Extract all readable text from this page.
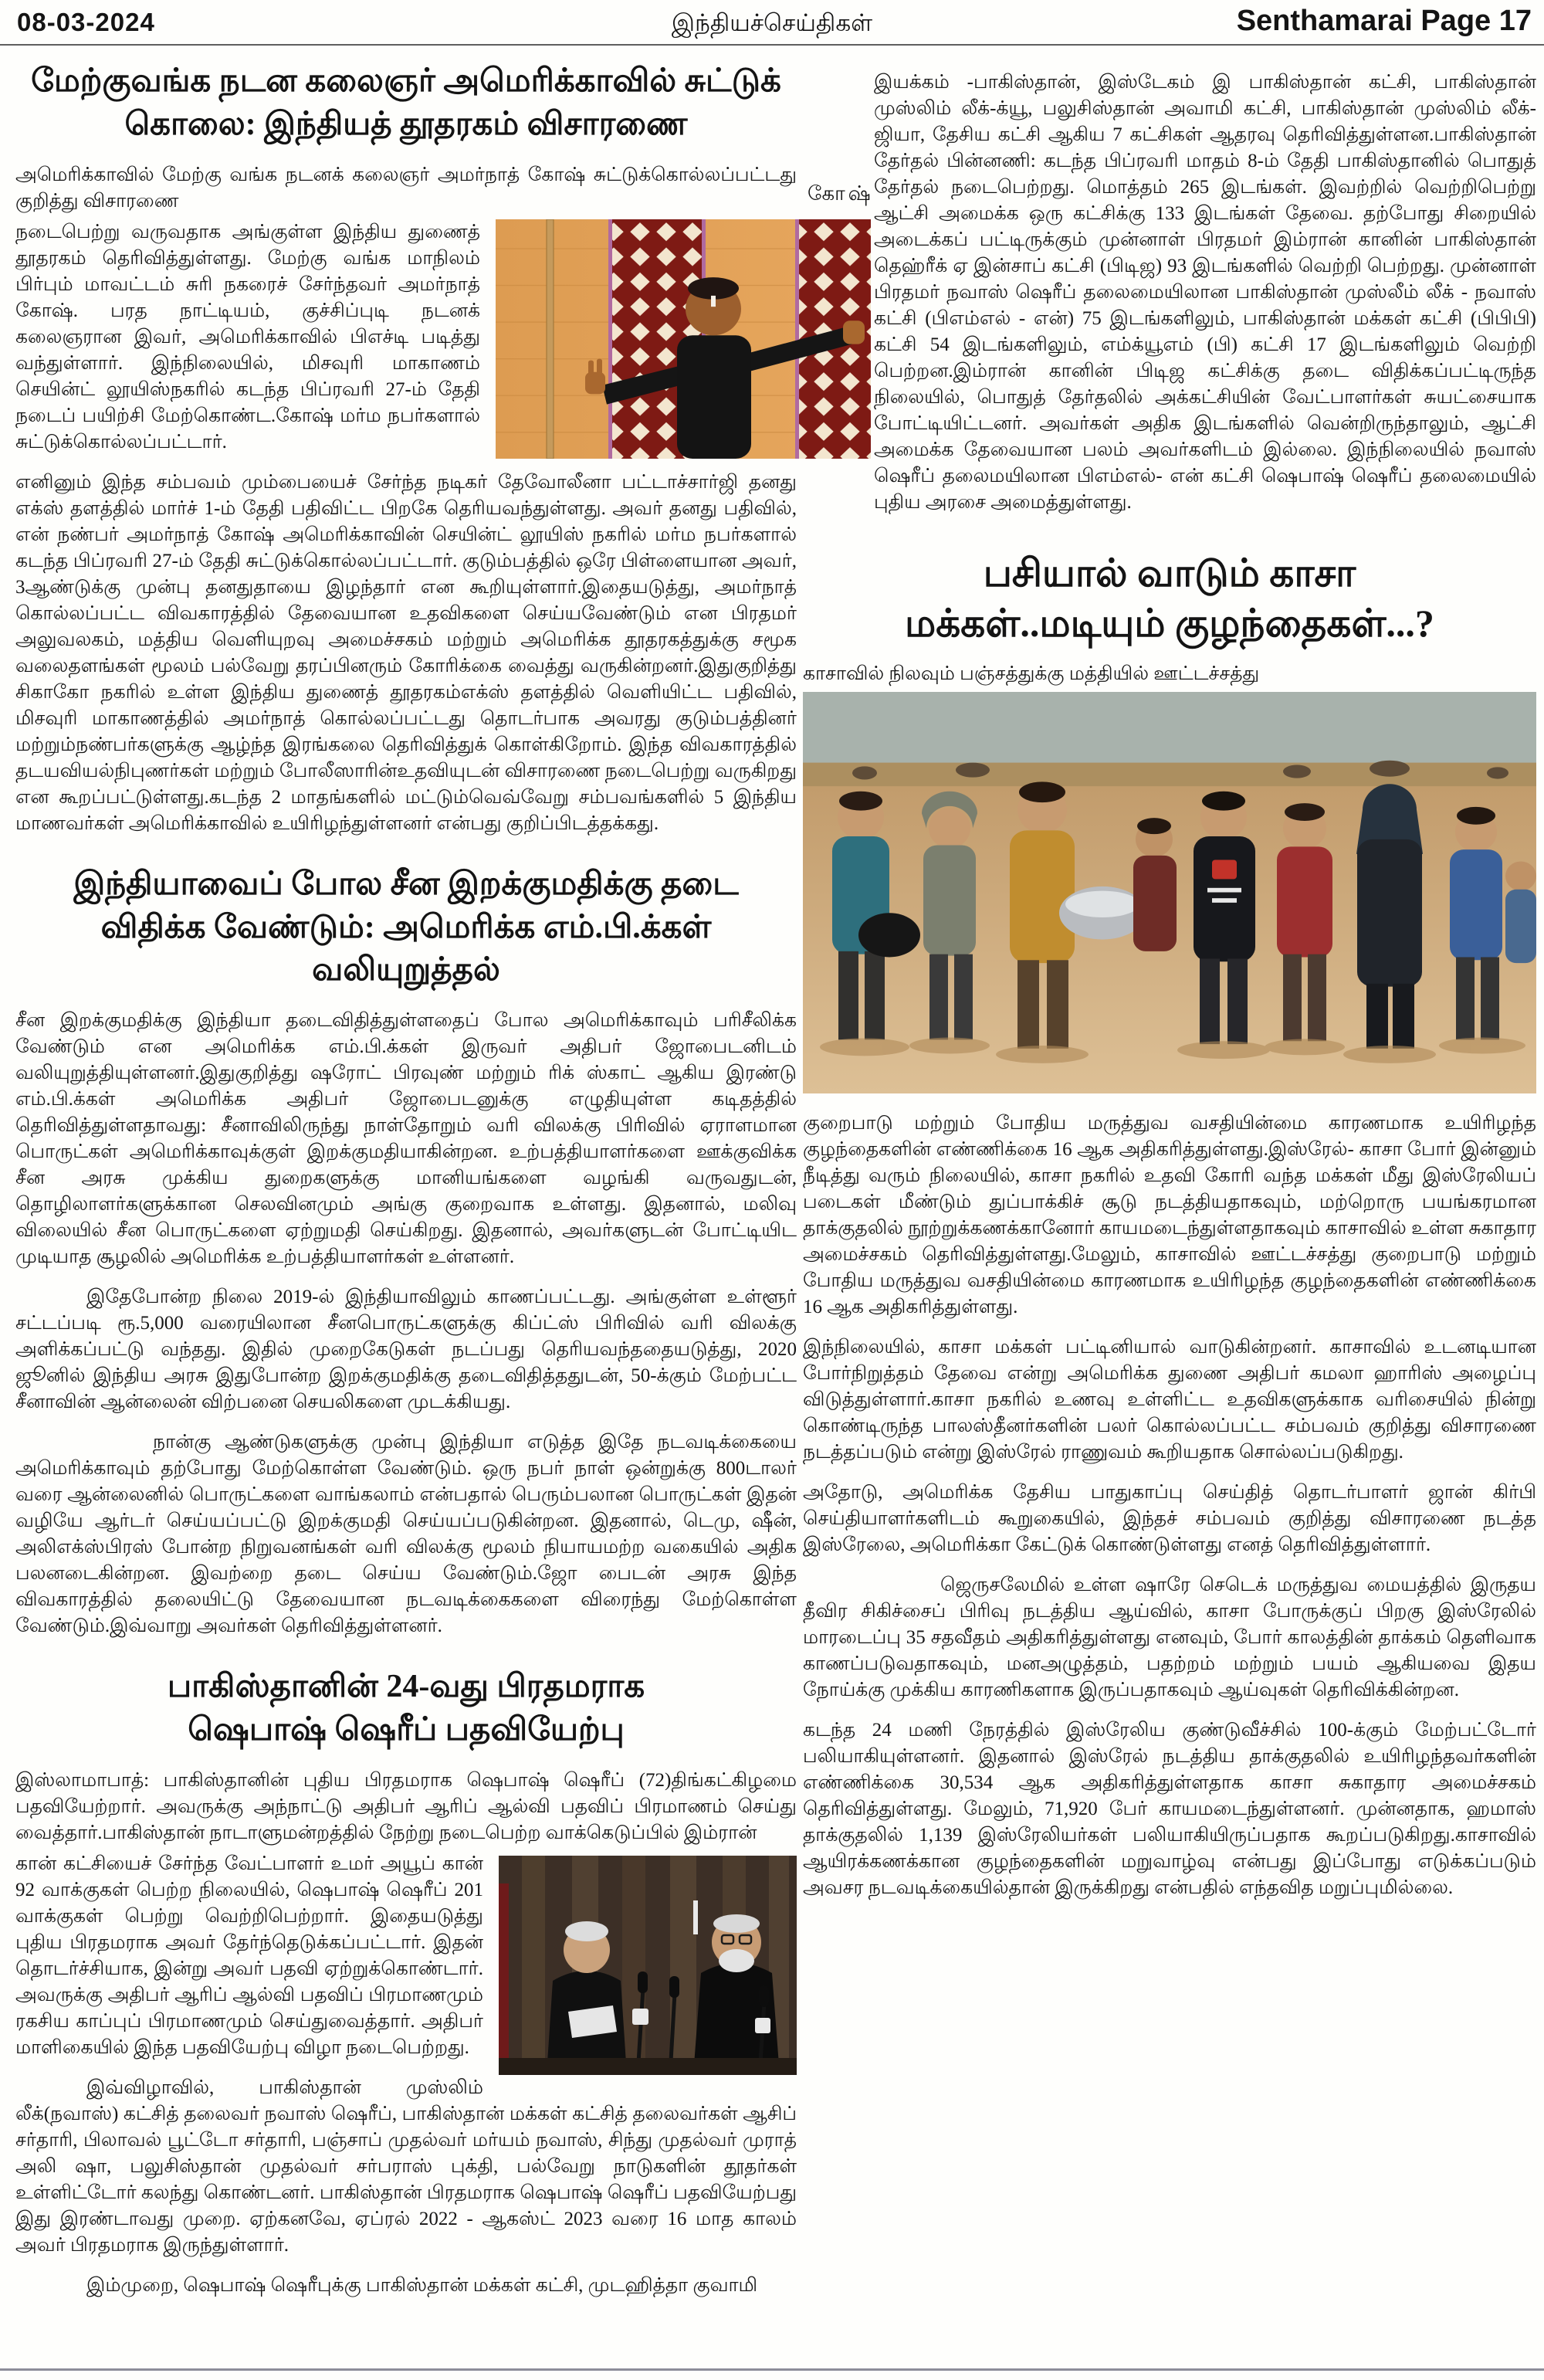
08-03-2024	இந்தியச்செய்திகள்	Senthamarai Page 17
மேற்குவங்க நடன கலைஞர் அமெரிக்காவில் சுட்டுக்
கொலை: இந்தியத் தூதரகம் விசாரணை

அமெரிக்காவில் மேற்கு வங்க நடனக் கலைஞர் அமர்நாத் கோஷ் சுட்டுக்கொல்லப்பட்டது குறித்து விசாரணை

நடைபெற்று வருவதாக அங்குள்ள இந்திய துணைத் தூதரகம் தெரிவித்துள்ளது. மேற்கு வங்க மாநிலம் பிர்பும் மாவட்டம் சுரி நகரைச் சேர்ந்தவர் அமர்நாத் கோஷ். பரத நாட்டியம், குச்சிப்புடி நடனக் கலைஞரான இவர், அமெரிக்காவில் பிஎச்டி படித்து வந்துள்ளார். இந்நிலையில், மிசவுரி மாகாணம் செயின்ட் லூயிஸ்நகரில் கடந்த பிப்ரவரி 27-ம் தேதி நடைப் பயிற்சி மேற்கொண்ட.கோஷ் மர்ம நபர்களால் சுட்டுக்கொல்லப்பட்டார்.

எனினும் இந்த சம்பவம் மும்பையைச் சேர்ந்த நடிகர் தேவோலீனா பட்டாச்சார்ஜி தனது எக்ஸ் தளத்தில் மார்ச் 1-ம் தேதி பதிவிட்ட பிறகே தெரியவந்துள்ளது. அவர் தனது பதிவில், என் நண்பர் அமர்நாத் கோஷ் அமெரிக்காவின் செயின்ட் லூயிஸ் நகரில் மர்ம நபர்களால் கடந்த பிப்ரவரி 27-ம் தேதி சுட்டுக்கொல்லப்பட்டார். குடும்பத்தில் ஒரே பிள்ளையான அவர், 3ஆண்டுக்கு முன்பு தனதுதாயை இழந்தார் என கூறியுள்ளார்.இதையடுத்து, அமர்நாத் கொல்லப்பட்ட விவகாரத்தில் தேவையான உதவிகளை செய்யவேண்டும் என பிரதமர் அலுவலகம், மத்திய வெளியுறவு அமைச்சகம் மற்றும் அமெரிக்க தூதரகத்துக்கு சமூக வலைதளங்கள் மூலம் பல்வேறு தரப்பினரும் கோரிக்கை வைத்து வருகின்றனர்.இதுகுறித்து சிகாகோ நகரில் உள்ள இந்திய துணைத் தூதரகம்எக்ஸ் தளத்தில் வெளியிட்ட பதிவில், மிசவுரி மாகாணத்தில் அமர்நாத் கொல்லப்பட்டது தொடர்பாக அவரது குடும்பத்தினர் மற்றும்நண்பர்களுக்கு ஆழ்ந்த இரங்கலை தெரிவித்துக் கொள்கிறோம். இந்த விவகாரத்தில் தடயவியல்நிபுணர்கள் மற்றும் போலீஸாரின்உதவியுடன் விசாரணை நடைபெற்று வருகிறது என கூறப்பட்டுள்ளது.கடந்த 2 மாதங்களில் மட்டும்வெவ்வேறு சம்பவங்களில் 5 இந்திய மாணவர்கள் அமெரிக்காவில் உயிரிழந்துள்ளனர் என்பது குறிப்பிடத்தக்கது.

இந்தியாவைப் போல சீன இறக்குமதிக்கு தடை
விதிக்க வேண்டும்: அமெரிக்க எம்.பி.க்கள் வலியுறுத்தல்

சீன இறக்குமதிக்கு இந்தியா தடைவிதித்துள்ளதைப் போல அமெரிக்காவும் பரிசீலிக்க வேண்டும் என அமெரிக்க எம்.பி.க்கள் இருவர் அதிபர் ஜோபைடனிடம் வலியுறுத்தியுள்ளனர்.இதுகுறித்து ஷரோட் பிரவுண் மற்றும் ரிக் ஸ்காட் ஆகிய இரண்டு எம்.பி.க்கள் அமெரிக்க அதிபர் ஜோபைடனுக்கு எழுதியுள்ள கடிதத்தில் தெரிவித்துள்ளதாவது: சீனாவிலிருந்து நாள்தோறும் வரி விலக்கு பிரிவில் ஏராளமான பொருட்கள் அமெரிக்காவுக்குள் இறக்குமதியாகின்றன. உற்பத்தியாளர்களை ஊக்குவிக்க சீன அரசு முக்கிய துறைகளுக்கு மானியங்களை வழங்கி வருவதுடன், தொழிலாளர்களுக்கான செலவினமும் அங்கு குறைவாக உள்ளது. இதனால், மலிவு விலையில் சீன பொருட்களை ஏற்றுமதி செய்கிறது. இதனால், அவர்களுடன் போட்டியிட முடியாத சூழலில் அமெரிக்க உற்பத்தியாளர்கள் உள்ளனர்.

இதேபோன்ற நிலை 2019-ல் இந்தியாவிலும் காணப்பட்டது. அங்குள்ள உள்ளூர் சட்டப்படி ரூ.5,000 வரையிலான சீனபொருட்களுக்கு கிப்ட்ஸ் பிரிவில் வரி விலக்கு அளிக்கப்பட்டு வந்தது. இதில் முறைகேடுகள் நடப்பது தெரியவந்ததையடுத்து, 2020 ஜூனில் இந்திய அரசு இதுபோன்ற இறக்குமதிக்கு தடைவிதித்ததுடன், 50-க்கும் மேற்பட்ட சீனாவின் ஆன்லைன் விற்பனை செயலிகளை முடக்கியது.

நான்கு ஆண்டுகளுக்கு முன்பு இந்தியா எடுத்த இதே நடவடிக்கையை அமெரிக்காவும் தற்போது மேற்கொள்ள வேண்டும். ஒரு நபர் நாள் ஒன்றுக்கு 800டாலர் வரை ஆன்லைனில் பொருட்களை வாங்கலாம் என்பதால் பெரும்பலான பொருட்கள் இதன் வழியே ஆர்டர் செய்யப்பட்டு இறக்குமதி செய்யப்படுகின்றன. இதனால், டெமு, ஷீன், அலிஎக்ஸ்பிரஸ் போன்ற நிறுவனங்கள் வரி விலக்கு மூலம் நியாயமற்ற வகையில் அதிக பலனடைகின்றன. இவற்றை தடை செய்ய வேண்டும்.ஜோ பைடன் அரசு இந்த விவகாரத்தில் தலையிட்டு தேவையான நடவடிக்கைகளை விரைந்து மேற்கொள்ள வேண்டும்.இவ்வாறு அவர்கள் தெரிவித்துள்ளனர்.

பாகிஸ்தானின் 24-வது பிரதமராக
ஷெபாஷ் ஷெரீப் பதவியேற்பு

இஸ்லாமாபாத்: பாகிஸ்தானின் புதிய பிரதமராக ஷெபாஷ் ஷெரீப் (72)திங்கட்கிழமை பதவியேற்றார். அவருக்கு அந்நாட்டு அதிபர் ஆரிப் ஆல்வி பதவிப் பிரமாணம் செய்து வைத்தார்.பாகிஸ்தான் நாடாளுமன்றத்தில் நேற்று நடைபெற்ற வாக்கெடுப்பில் இம்ரான்

கான் கட்சியைச் சேர்ந்த வேட்பாளர் உமர் அயூப் கான் 92 வாக்குகள் பெற்ற நிலையில், ஷெபாஷ் ஷெரீப் 201 வாக்குகள் பெற்று வெற்றிபெற்றார். இதையடுத்து புதிய பிரதமராக அவர் தேர்ந்தெடுக்கப்பட்டார். இதன் தொடர்ச்சியாக, இன்று அவர் பதவி ஏற்றுக்கொண்டார். அவருக்கு அதிபர் ஆரிப் ஆல்வி பதவிப் பிரமாணமும் ரகசிய காப்புப் பிரமாணமும் செய்துவைத்தார். அதிபர் மாளிகையில் இந்த பதவியேற்பு விழா நடைபெற்றது.

இவ்விழாவில், பாகிஸ்தான் முஸ்லிம் லீக்(நவாஸ்) கட்சித் தலைவர் நவாஸ் ஷெரீப், பாகிஸ்தான் மக்கள் கட்சித் தலைவர்கள் ஆசிப் சர்தாரி, பிலாவல் பூட்டோ சர்தாரி, பஞ்சாப் முதல்வர் மர்யம் நவாஸ், சிந்து முதல்வர் முராத் அலி ஷா, பலுசிஸ்தான் முதல்வர் சர்பராஸ் புக்தி, பல்வேறு நாடுகளின் தூதர்கள் உள்ளிட்டோர் கலந்து கொண்டனர். பாகிஸ்தான் பிரதமராக ஷெபாஷ் ஷெரீப் பதவியேற்பது இது இரண்டாவது முறை. ஏற்கனவே, ஏப்ரல் 2022 - ஆகஸ்ட் 2023 வரை 16 மாத காலம் அவர் பிரதமராக இருந்துள்ளார்.

இம்முறை, ஷெபாஷ் ஷெரீபுக்கு பாகிஸ்தான் மக்கள் கட்சி, முடஹித்தா குவாமி

இயக்கம் -பாகிஸ்தான், இஸ்டேகம் இ பாகிஸ்தான் கட்சி, பாகிஸ்தான் முஸ்லிம் லீக்-க்யூ, பலுசிஸ்தான் அவாமி கட்சி, பாகிஸ்தான் முஸ்லிம் லீக்-ஜியா, தேசிய கட்சி ஆகிய 7 கட்சிகள் ஆதரவு தெரிவித்துள்ளன.பாகிஸ்தான் தேர்தல் பின்னணி: கடந்த பிப்ரவரி மாதம் 8-ம் தேதி பாகிஸ்தானில் பொதுத் தேர்தல் நடைபெற்றது. மொத்தம் 265 இடங்கள். இவற்றில் வெற்றிபெற்று ஆட்சி அமைக்க ஒரு கட்சிக்கு 133 இடங்கள் தேவை. தற்போது சிறையில் அடைக்கப் பட்டிருக்கும் முன்னாள் பிரதமர் இம்ரான் கானின் பாகிஸ்தான் தெஹ்ரீக் ஏ இன்சாப் கட்சி (பிடிஜ) 93 இடங்களில் வெற்றி பெற்றது. முன்னாள் பிரதமர் நவாஸ் ஷெரீப் தலைமையிலான பாகிஸ்தான் முஸ்லீம் லீக் - நவாஸ் கட்சி (பிஎம்எல் - என்) 75 இடங்களிலும், பாகிஸ்தான் மக்கள் கட்சி (பிபிபி) கட்சி 54 இடங்களிலும், எம்க்யூஎம் (பி) கட்சி 17 இடங்களிலும் வெற்றி பெற்றன.இம்ரான் கானின் பிடிஜ கட்சிக்கு தடை விதிக்கப்பட்டிருந்த நிலையில், பொதுத் தேர்தலில் அக்கட்சியின் வேட்பாளர்கள் சுயட்சையாக போட்டியிட்டனர். அவர்கள் அதிக இடங்களில் வென்றிருந்தாலும், ஆட்சி அமைக்க தேவையான பலம் அவர்களிடம் இல்லை. இந்நிலையில் நவாஸ் ஷெரீப் தலைமயிலான பிஎம்எல்- என் கட்சி ஷெபாஷ் ஷெரீப் தலைமையில் புதிய அரசை அமைத்துள்ளது.

பசியால் வாடும் காசா
மக்கள்..மடியும் குழந்தைகள்...?

காசாவில் நிலவும் பஞ்சத்துக்கு மத்தியில் ஊட்டச்சத்து

குறைபாடு மற்றும் போதிய மருத்துவ வசதியின்மை காரணமாக உயிரிழந்த குழந்தைகளின் எண்ணிக்கை 16 ஆக அதிகரித்துள்ளது.இஸ்ரேல்- காசா போர் இன்னும் நீடித்து வரும் நிலையில், காசா நகரில் உதவி கோரி வந்த மக்கள் மீது இஸ்ரேலியப் படைகள் மீண்டும் துப்பாக்கிச் சூடு நடத்தியதாகவும், மற்றொரு பயங்கரமான தாக்குதலில் நூற்றுக்கணக்கானோர் காயமடைந்துள்ளதாகவும் காசாவில் உள்ள சுகாதார அமைச்சகம் தெரிவித்துள்ளது.மேலும், காசாவில் ஊட்டச்சத்து குறைபாடு மற்றும் போதிய மருத்துவ வசதியின்மை காரணமாக உயிரிழந்த குழந்தைகளின் எண்ணிக்கை 16 ஆக அதிகரித்துள்ளது.

இந்நிலையில், காசா மக்கள் பட்டினியால் வாடுகின்றனர். காசாவில் உடனடியான போர்நிறுத்தம் தேவை என்று அமெரிக்க துணை அதிபர் கமலா ஹாரிஸ் அழைப்பு விடுத்துள்ளார்.காசா நகரில் உணவு உள்ளிட்ட உதவிகளுக்காக வரிசையில் நின்று கொண்டிருந்த பாலஸ்தீனர்களின் பலர் கொல்லப்பட்ட சம்பவம் குறித்து விசாரணை நடத்தப்படும் என்று இஸ்ரேல் ராணுவம் கூறியதாக சொல்லப்படுகிறது.

அதோடு, அமெரிக்க தேசிய பாதுகாப்பு செய்தித் தொடர்பாளர் ஜான் கிர்பி செய்தியாளர்களிடம் கூறுகையில், இந்தச் சம்பவம் குறித்து விசாரணை நடத்த இஸ்ரேலை, அமெரிக்கா கேட்டுக் கொண்டுள்ளது எனத் தெரிவித்துள்ளார்.

ஜெருசலேமில் உள்ள ஷாரே செடெக் மருத்துவ மையத்தில் இருதய தீவிர சிகிச்சைப் பிரிவு நடத்திய ஆய்வில், காசா போருக்குப் பிறகு இஸ்ரேலில் மாரடைப்பு 35 சதவீதம் அதிகரித்துள்ளது எனவும், போர் காலத்தின் தாக்கம் தெளிவாக காணப்படுவதாகவும், மனஅழுத்தம், பதற்றம் மற்றும் பயம் ஆகியவை இதய நோய்க்கு முக்கிய காரணிகளாக இருப்பதாகவும் ஆய்வுகள் தெரிவிக்கின்றன.

கடந்த 24 மணி நேரத்தில் இஸ்ரேலிய குண்டுவீச்சில் 100-க்கும் மேற்பட்டோர் பலியாகியுள்ளனர். இதனால் இஸ்ரேல் நடத்திய தாக்குதலில் உயிரிழந்தவர்களின் எண்ணிக்கை 30,534 ஆக அதிகரித்துள்ளதாக காசா சுகாதார அமைச்சகம் தெரிவித்துள்ளது. மேலும், 71,920 பேர் காயமடைந்துள்ளனர். முன்னதாக, ஹமாஸ் தாக்குதலில் 1,139 இஸ்ரேலியர்கள் பலியாகியிருப்பதாக கூறப்படுகிறது.காசாவில் ஆயிரக்கணக்கான குழந்தைகளின் மறுவாழ்வு என்பது இப்போது எடுக்கப்படும் அவசர நடவடிக்கையில்தான் இருக்கிறது என்பதில் எந்தவித மறுப்புமில்லை.

கோஷ்
